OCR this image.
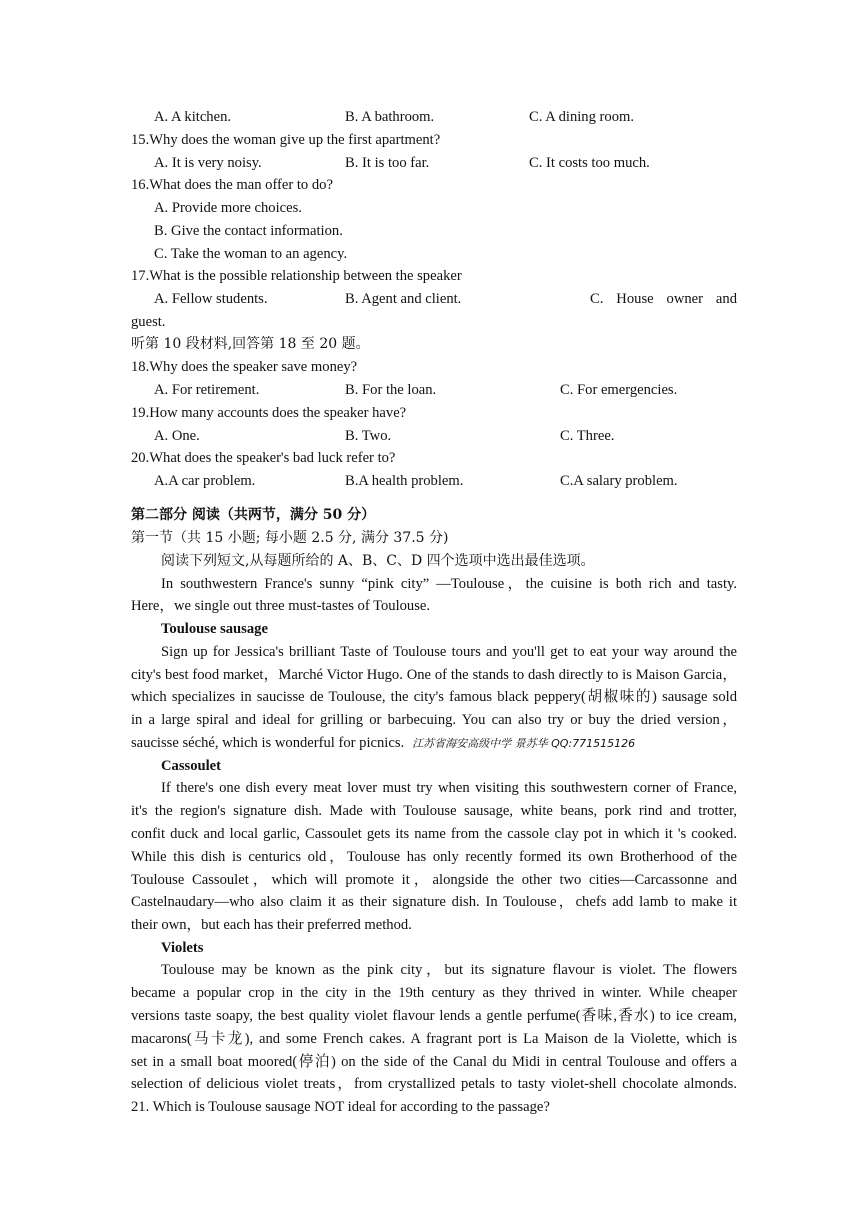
A. A kitchen.	B. A bathroom.	C. A dining room.
15.Why does the woman give up the first apartment?
A. It is very noisy.	B. It is too far.	C. It costs too much.
16.What does the man offer to do?
A. Provide more choices.
B. Give the contact information.
C. Take the woman to an agency.
17.What is the possible relationship between the speaker
A. Fellow students.	B. Agent and client.	C. House owner and
guest.
听第 10 段材料,回答第 18 至 20 题。
18.Why does the speaker save money?
A. For retirement.	B. For the loan.	C. For emergencies.
19.How many accounts does the speaker have?
A. One.	B. Two.	C. Three.
20.What does the speaker's bad luck refer to?
A.A car problem.	B.A health problem.	C.A salary problem.
第二部分 阅读（共两节，满分 50 分）
第一节（共 15 小题; 每小题 2.5 分, 满分 37.5 分)
阅读下列短文,从每题所给的 A、B、C、D 四个选项中选出最佳选项。
In southwestern France's sunny “pink city” —Toulouse，the cuisine is both rich and tasty.
Here，we single out three must-tastes of Toulouse.
Toulouse sausage
Sign up for Jessica's brilliant Taste of Toulouse tours and you'll get to eat your way around the
city's best food market，Marché Victor Hugo. One of the stands to dash directly to is Maison Garcia，
which specializes in saucisse de Toulouse, the city's famous black peppery(胡椒味的) sausage sold
in a large spiral and ideal for grilling or barbecuing. You can also try or buy the dried version，
saucisse séché, which is wonderful for picnics. 江苏省海安高级中学 景苏华 QQ:771515126
Cassoulet
If there's one dish every meat lover must try when visiting this southwestern corner of France,
it's the region's signature dish. Made with Toulouse sausage, white beans, pork rind and trotter,
confit duck and local garlic, Cassoulet gets its name from the cassole clay pot in which it 's cooked.
While this dish is centurics old，Toulouse has only recently formed its own Brotherhood of the
Toulouse Cassoulet，which will promote it，alongside the other two cities—Carcassonne and
Castelnaudary—who also claim it as their signature dish. In Toulouse，chefs add lamb to make it
their own，but each has their preferred method.
Violets
Toulouse may be known as the pink city，but its signature flavour is violet. The flowers
became a popular crop in the city in the 19th century as they thrived in winter. While cheaper
versions taste soapy, the best quality violet flavour lends a gentle perfume(香味,香水) to ice cream,
macarons(马卡龙), and some French cakes. A fragrant port is La Maison de la Violette, which is
set in a small boat moored(停泊) on the side of the Canal du Midi in central Toulouse and offers a
selection of delicious violet treats，from crystallized petals to tasty violet-shell chocolate almonds.
21. Which is Toulouse sausage NOT ideal for according to the passage?
